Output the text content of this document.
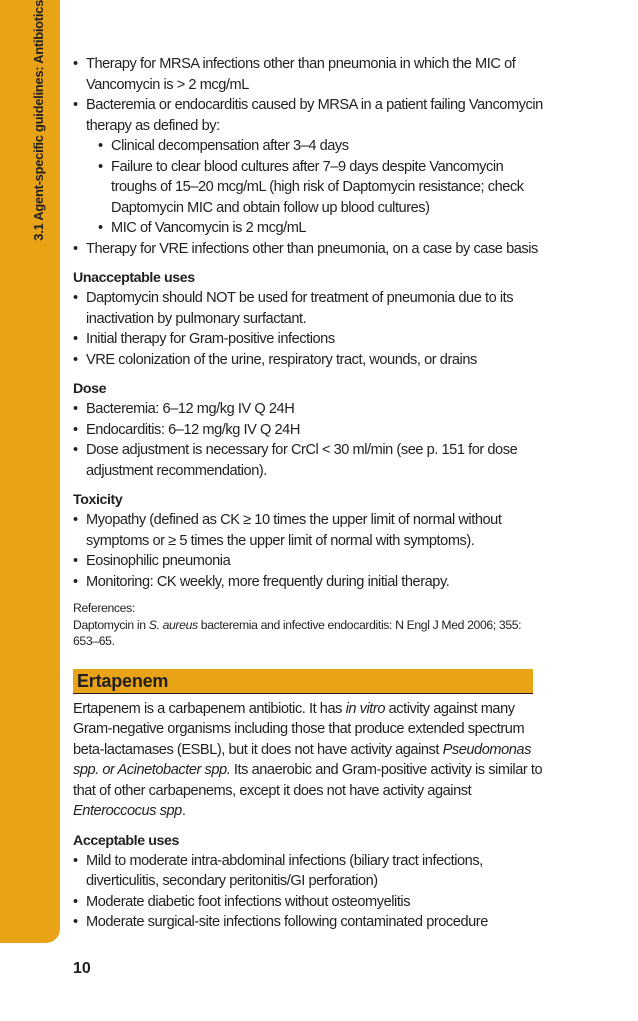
3.1 Agent-specific guidelines: Antibiotics

•	Therapy for MRSA infections other than pneumonia in which the MIC of Vancomycin is > 2 mcg/mL

• Bacteremia or endocarditis caused by MRSA in a patient failing Vancomycin therapy as defined by:

• Clinical decompensation after 3–4 days

• Failure to clear blood cultures after 7–9 days despite Vancomycin troughs of 15–20 mcg/mL (high risk of Daptomycin resistance; check Daptomycin MIC and obtain follow up blood cultures)

• MIC of Vancomycin is 2 mcg/mL

• Therapy for VRE infections other than pneumonia, on a case by case basis

Unacceptable uses

• Daptomycin should NOT be used for treatment of pneumonia due to its inactivation by pulmonary surfactant.

• Initial therapy for Gram-positive infections

• VRE colonization of the urine, respiratory tract, wounds, or drains

Dose

• Bacteremia: 6–12 mg/kg IV Q 24H

• Endocarditis: 6–12 mg/kg IV Q 24H

• Dose adjustment is necessary for CrCl < 30 ml/min (see p. 151 for dose adjustment recommendation).

Toxicity

• Myopathy (defined as CK ≥ 10 times the upper limit of normal without symptoms or ≥ 5 times the upper limit of normal with symptoms).

• Eosinophilic pneumonia

• Monitoring: CK weekly, more frequently during initial therapy.

References:
Daptomycin in S. aureus bacteremia and infective endocarditis: N Engl J Med 2006; 355: 653–65.
Ertapenem

Ertapenem is a carbapenem antibiotic. It has in vitro activity against many Gram-negative organisms including those that produce extended spectrum beta-lactamases (ESBL), but it does not have activity against Pseudomonas spp. or Acinetobacter spp. Its anaerobic and Gram-positive activity is similar to that of other carbapenems, except it does not have activity against Enteroccocus spp.

Acceptable uses

• Mild to moderate intra-abdominal infections (biliary tract infections, diverticulitis, secondary peritonitis/GI perforation)

• Moderate diabetic foot infections without osteomyelitis

• Moderate surgical-site infections following contaminated procedure

10
